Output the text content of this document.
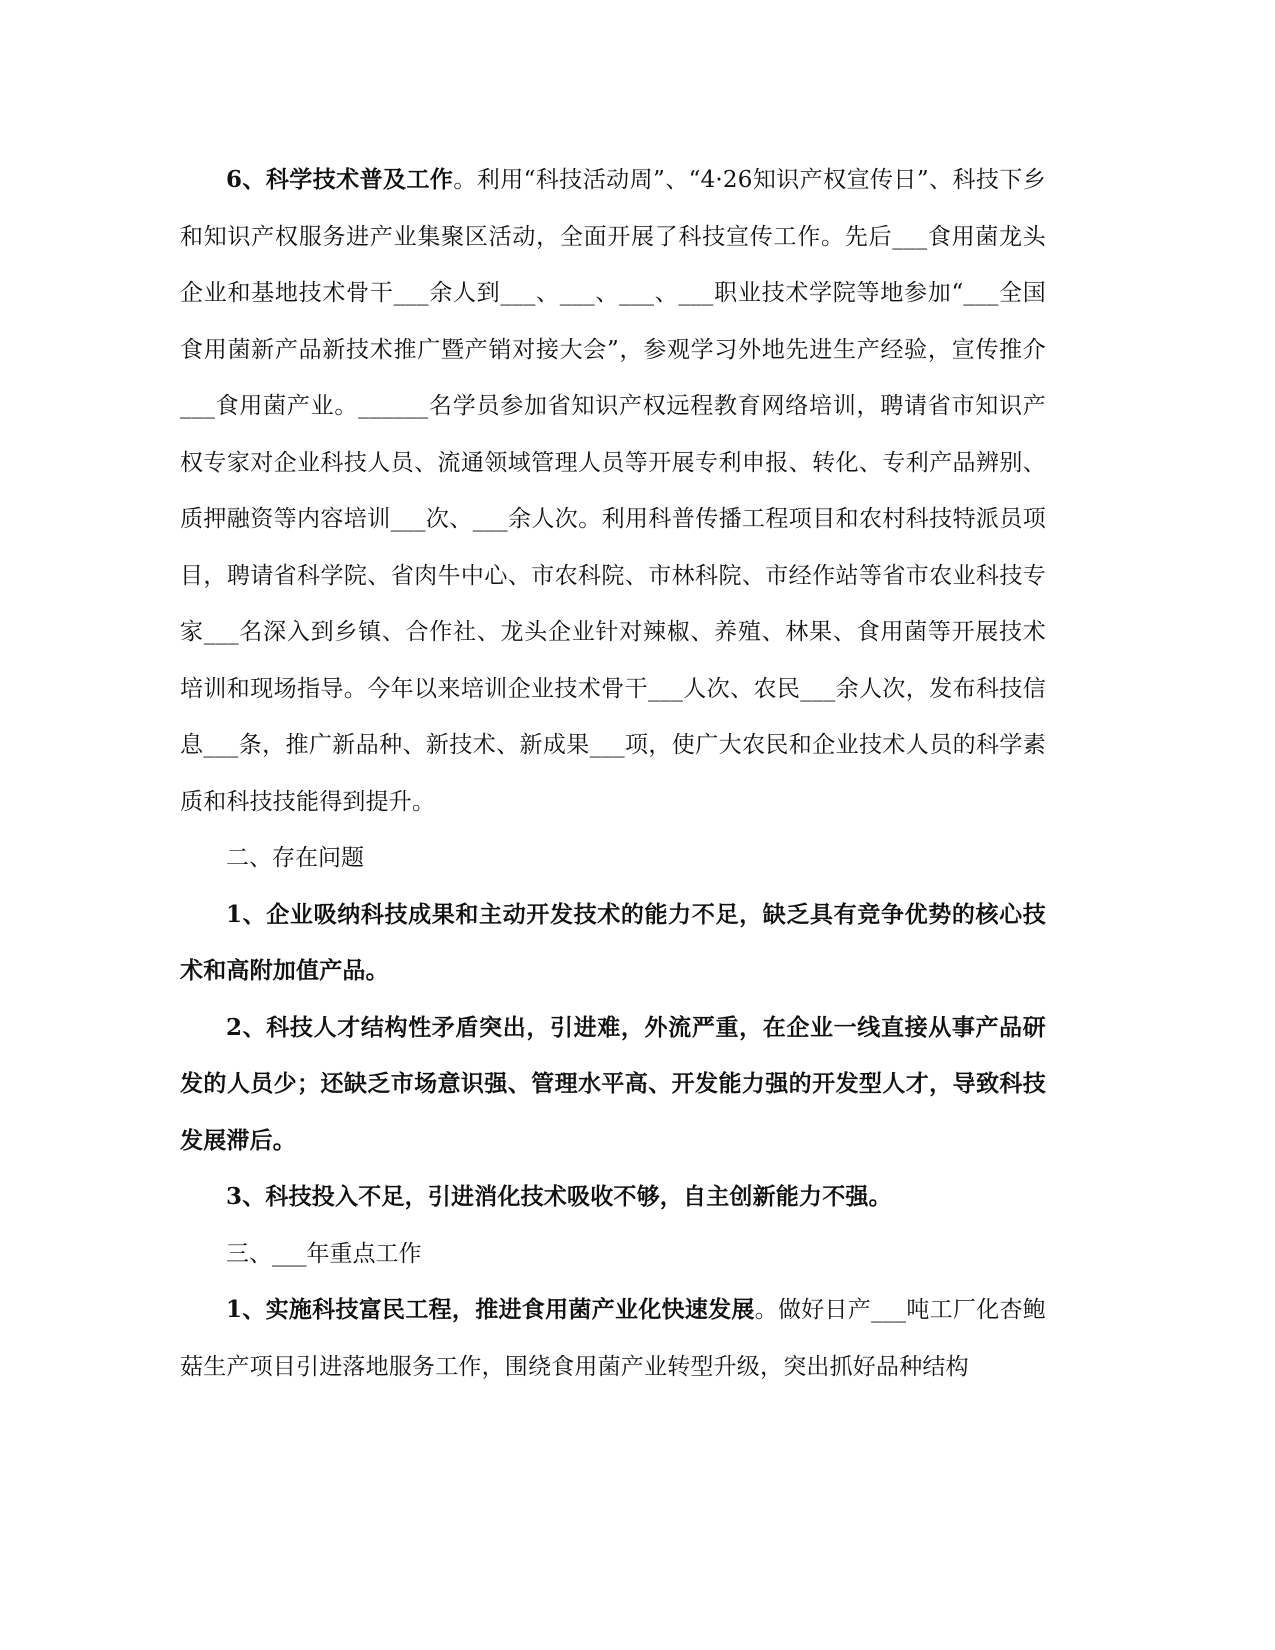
6、科学技术普及工作。利用“科技活动周”、“4·26知识产权宣传日”、科技下乡和知识产权服务进产业集聚区活动，全面开展了科技宣传工作。先后___食用菌龙头企业和基地技术骨干___余人到___、___、___、___职业技术学院等地参加“___全国食用菌新产品新技术推广暨产销对接大会”，参观学习外地先进生产经验，宣传推介___食用菌产业。______名学员参加省知识产权远程教育网络培训，聘请省市知识产权专家对企业科技人员、流通领域管理人员等开展专利申报、转化、专利产品辨别、质押融资等内容培训___次、___余人次。利用科普传播工程项目和农村科技特派员项目，聘请省科学院、省肉牛中心、市农科院、市林科院、市经作站等省市农业科技专家___名深入到乡镇、合作社、龙头企业针对辣椒、养殖、林果、食用菌等开展技术培训和现场指导。今年以来培训企业技术骨干___人次、农民___余人次，发布科技信息___条，推广新品种、新技术、新成果___项，使广大农民和企业技术人员的科学素质和科技技能得到提升。

二、存在问题

1、企业吸纳科技成果和主动开发技术的能力不足，缺乏具有竞争优势的核心技术和高附加值产品。

2、科技人才结构性矛盾突出，引进难，外流严重，在企业一线直接从事产品研发的人员少；还缺乏市场意识强、管理水平高、开发能力强的开发型人才，导致科技发展滞后。

3、科技投入不足，引进消化技术吸收不够，自主创新能力不强。

三、___年重点工作

1、实施科技富民工程，推进食用菌产业化快速发展。做好日产___吨工厂化杏鲍菇生产项目引进落地服务工作，围绕食用菌产业转型升级，突出抓好品种结构
